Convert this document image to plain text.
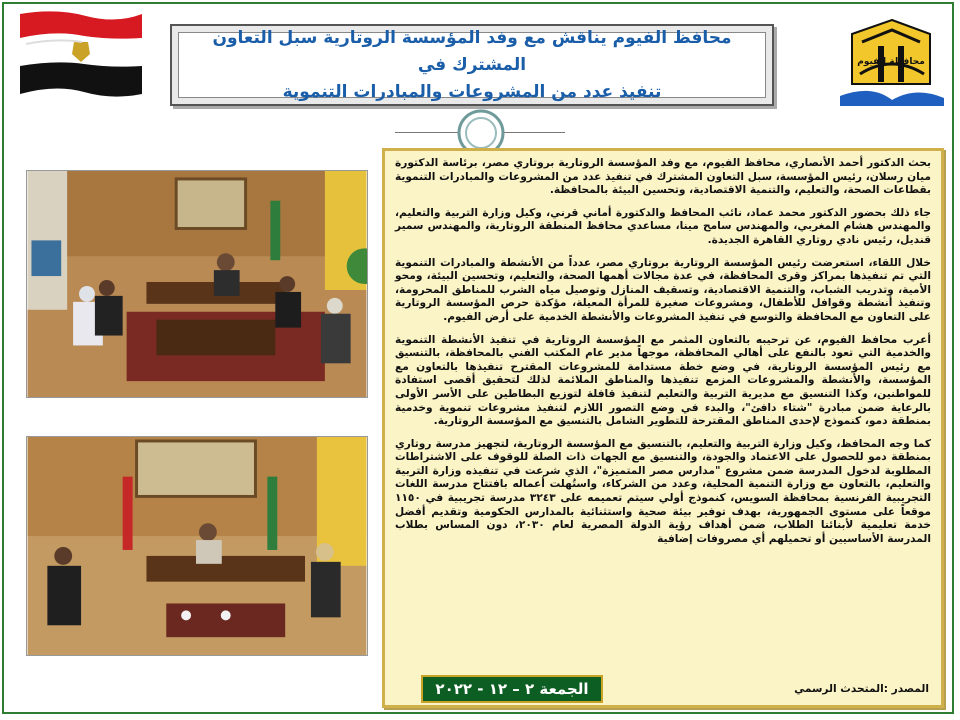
محافظة الفيوم
محافظ الفيوم يناقش مع وفد المؤسسة الروتارية سبل التعاون المشترك في
تنفيذ عدد من المشروعات والمبادرات التنموية

بحث الدكتور أحمد الأنصاري، محافظ الفيوم، مع وفد المؤسسة الروتارية بروتاري مصر، برئاسة الدكتورة ميان رسلان، رئيس المؤسسة، سبل التعاون المشترك في تنفيذ عدد من المشروعات والمبادرات التنموية بقطاعات الصحة، والتعليم، والتنمية الاقتصادية، وتحسين البيئة بالمحافظة.

جاء ذلك بحضور الدكتور محمد عماد، نائب المحافظ والدكتورة أماني قرني، وكيل وزارة التربية والتعليم، والمهندس هشام المغربي، والمهندس سامح مينا، مساعدي محافظ المنطقة الروتارية، والمهندس سمير قنديل، رئيس نادي روتاري القاهرة الجديدة.

خلال اللقاء، استعرضت رئيس المؤسسة الروتارية بروتاري مصر، عدداً من الأنشطة والمبادرات التنموية التي تم تنفيذها بمراكز وقرى المحافظة، في عدة مجالات أهمها الصحة، والتعليم، وتحسين البيئة، ومحو الأمية، وتدريب الشباب، والتنمية الاقتصادية، وتسقيف المنازل وتوصيل مياه الشرب للمناطق المحرومة، وتنفيذ أنشطة وقوافل للأطفال، ومشروعات صغيرة للمرأة المعيلة، مؤكدة حرص المؤسسة الروتارية على التعاون مع المحافظة والتوسع في تنفيذ المشروعات والأنشطة الخدمية على أرض الفيوم.

أعرب محافظ الفيوم، عن ترحيبه بالتعاون المثمر مع المؤسسة الروتارية في تنفيذ الأنشطة التنموية والخدمية التي تعود بالنفع على أهالي المحافظة، موجهاً مدير عام المكتب الفني بالمحافظة، بالتنسيق مع رئيس المؤسسة الروتارية، في وضع خطة مستدامة للمشروعات المقترح تنفيذها بالتعاون مع المؤسسة، والأنشطة والمشروعات المزمع تنفيذها والمناطق الملائمة لذلك لتحقيق أقصى استفادة للمواطنين، وكذا التنسيق مع مديرية التربية والتعليم لتنفيذ قافلة لتوزيع البطاطين على الأسر الأولى بالرعاية ضمن مبادرة "شتاء دافئ"، والبدء في وضع التصور اللازم لتنفيذ مشروعات تنموية وخدمية بمنطقة دمو، كنموذج لإحدى المناطق المقترحة للتطوير الشامل بالتنسيق مع المؤسسة الروتارية.

كما وجه المحافظ، وكيل وزارة التربية والتعليم، بالتنسيق مع المؤسسة الروتارية، لتجهيز مدرسة روتاري بمنطقة دمو للحصول على الاعتماد والجودة، والتنسيق مع الجهات ذات الصلة للوقوف على الاشتراطات المطلوبة لدخول المدرسة ضمن مشروع "مدارس مصر المتميزة"، الذي شرعت في تنفيذه وزارة التربية والتعليم، بالتعاون مع وزارة التنمية المحلية، وعدد من الشركاء، واستُهلت أعماله بافتتاح مدرسة اللغات التجريبية الفرنسية بمحافظة السويس، كنموذج أولي سيتم تعميمه على ٣٢٤٣ مدرسة تجريبية في ١١٥٠ موقعاً على مستوى الجمهورية، بهدف توفير بيئة صحية واستثنائية بالمدارس الحكومية وتقديم أفضل خدمة تعليمية لأبنائنا الطلاب، ضمن أهداف رؤية الدولة المصرية لعام ٢٠٣٠، دون المساس بطلاب المدرسة الأساسيين أو تحميلهم أي مصروفات إضافية

المصدر :المتحدث الرسمي
الجمعة ٢ – ١٢ - ٢٠٢٢
